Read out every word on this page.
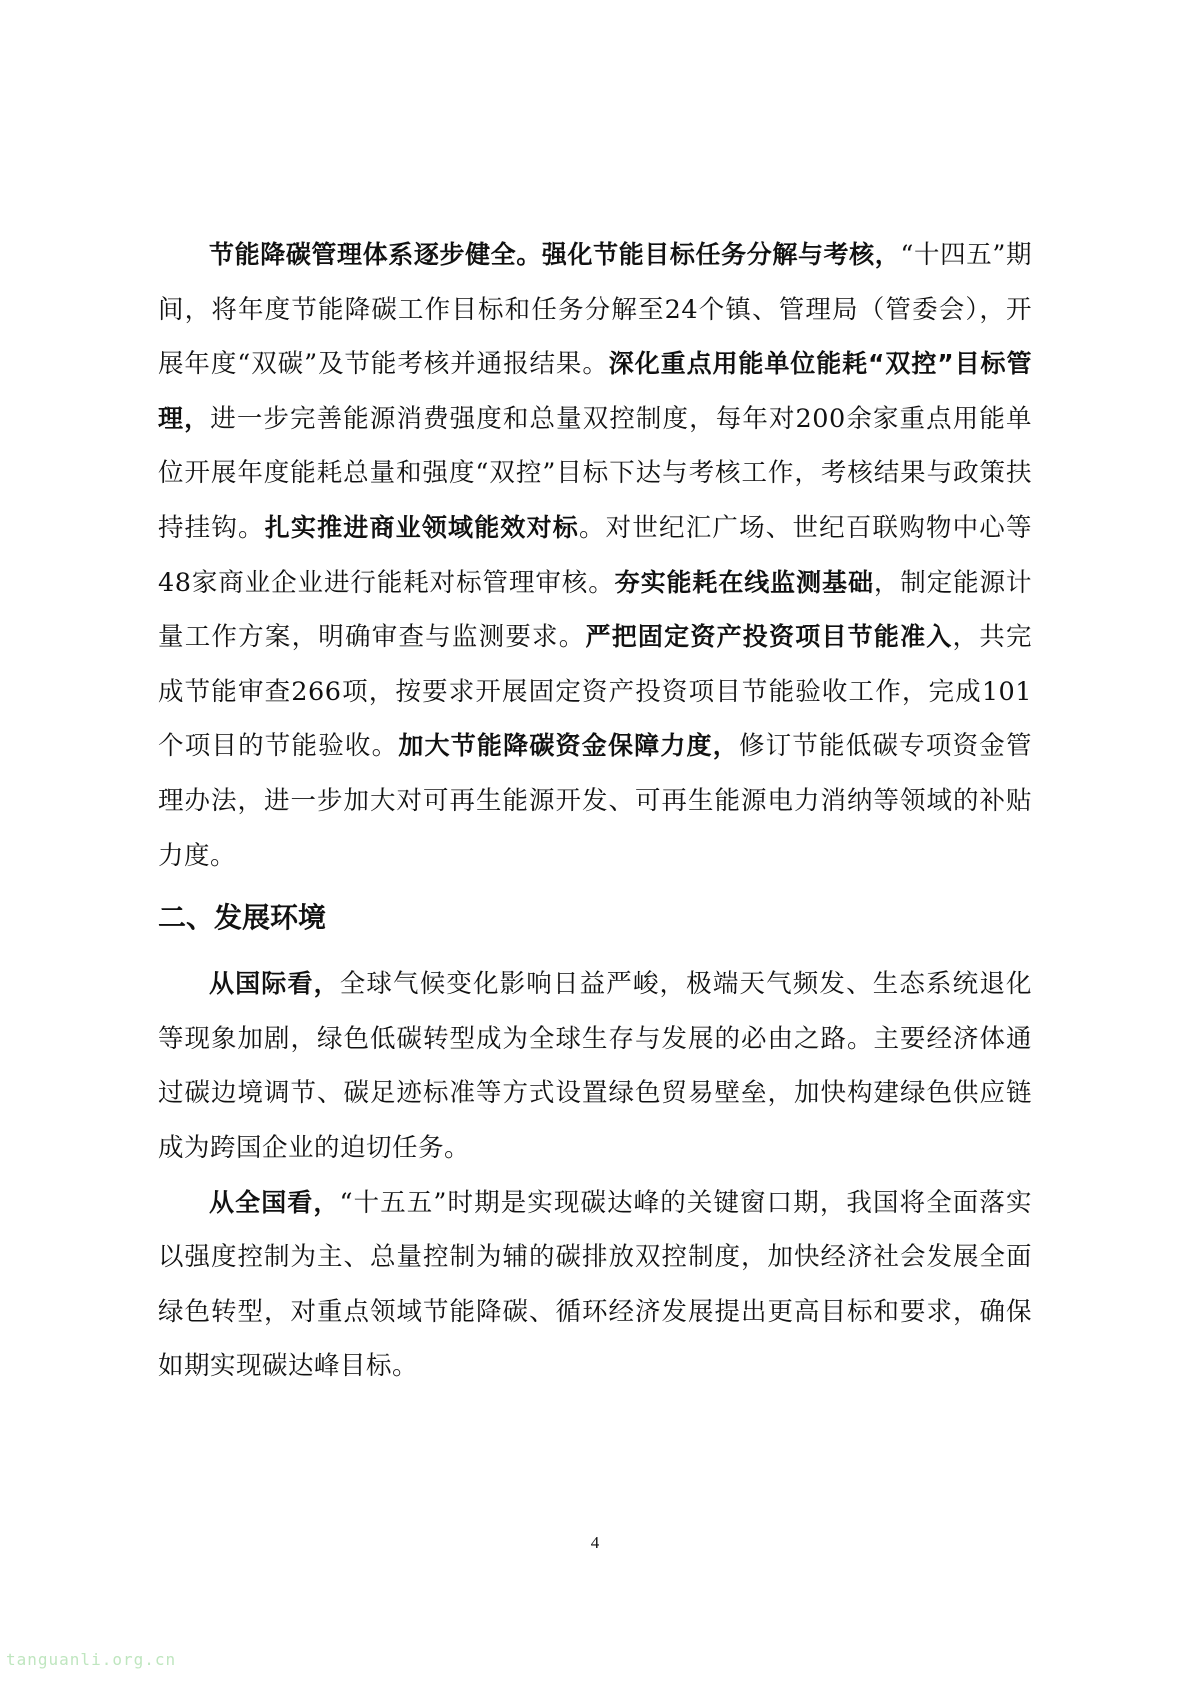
节能降碳管理体系逐步健全。强化节能目标任务分解与考核，“十四五”期间，将年度节能降碳工作目标和任务分解至24个镇、管理局（管委会），开展年度“双碳”及节能考核并通报结果。深化重点用能单位能耗“双控”目标管理，进一步完善能源消费强度和总量双控制度，每年对200余家重点用能单位开展年度能耗总量和强度“双控”目标下达与考核工作，考核结果与政策扶持挂钩。扎实推进商业领域能效对标。对世纪汇广场、世纪百联购物中心等48家商业企业进行能耗对标管理审核。夯实能耗在线监测基础，制定能源计量工作方案，明确审查与监测要求。严把固定资产投资项目节能准入，共完成节能审查266项，按要求开展固定资产投资项目节能验收工作，完成101个项目的节能验收。加大节能降碳资金保障力度，修订节能低碳专项资金管理办法，进一步加大对可再生能源开发、可再生能源电力消纳等领域的补贴力度。

二、发展环境

从国际看，全球气候变化影响日益严峻，极端天气频发、生态系统退化等现象加剧，绿色低碳转型成为全球生存与发展的必由之路。主要经济体通过碳边境调节、碳足迹标准等方式设置绿色贸易壁垒，加快构建绿色供应链成为跨国企业的迫切任务。

从全国看，“十五五”时期是实现碳达峰的关键窗口期，我国将全面落实以强度控制为主、总量控制为辅的碳排放双控制度，加快经济社会发展全面绿色转型，对重点领域节能降碳、循环经济发展提出更高目标和要求，确保如期实现碳达峰目标。

4
tanguanli.org.cn
